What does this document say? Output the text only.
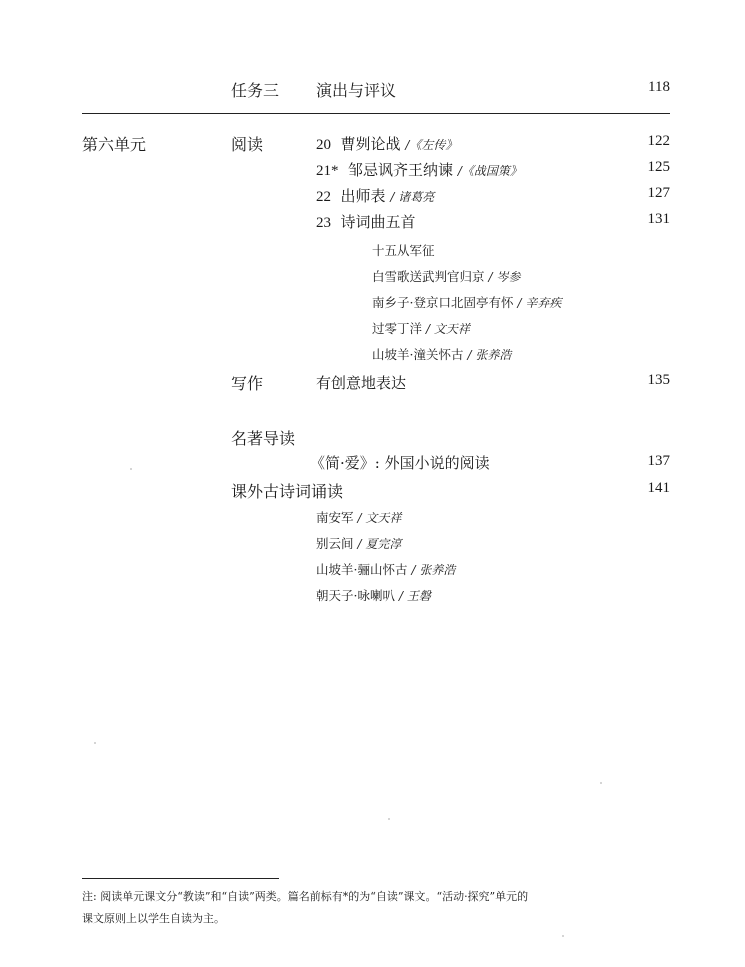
任务三 演出与评议	118
第六单元	阅读	20 曹刿论战 /《左传》	122
21* 邹忌讽齐王纳谏 /《战国策》	125
22 出师表 / 诸葛亮	127
23 诗词曲五首	131
十五从军征
白雪歌送武判官归京 / 岑参
南乡子·登京口北固亭有怀 / 辛弃疾
过零丁洋 / 文天祥
山坡羊·潼关怀古 / 张养浩
写作	有创意地表达	135
名著导读
《简·爱》: 外国小说的阅读	137
课外古诗词诵读	141
南安军 / 文天祥
别云间 / 夏完淳
山坡羊·骊山怀古 / 张养浩
朝天子·咏喇叭 / 王磐
注: 阅读单元课文分“教读”和“自读”两类。篇名前标有*的为“自读”课文。“活动·探究”单元的
课文原则上以学生自读为主。
